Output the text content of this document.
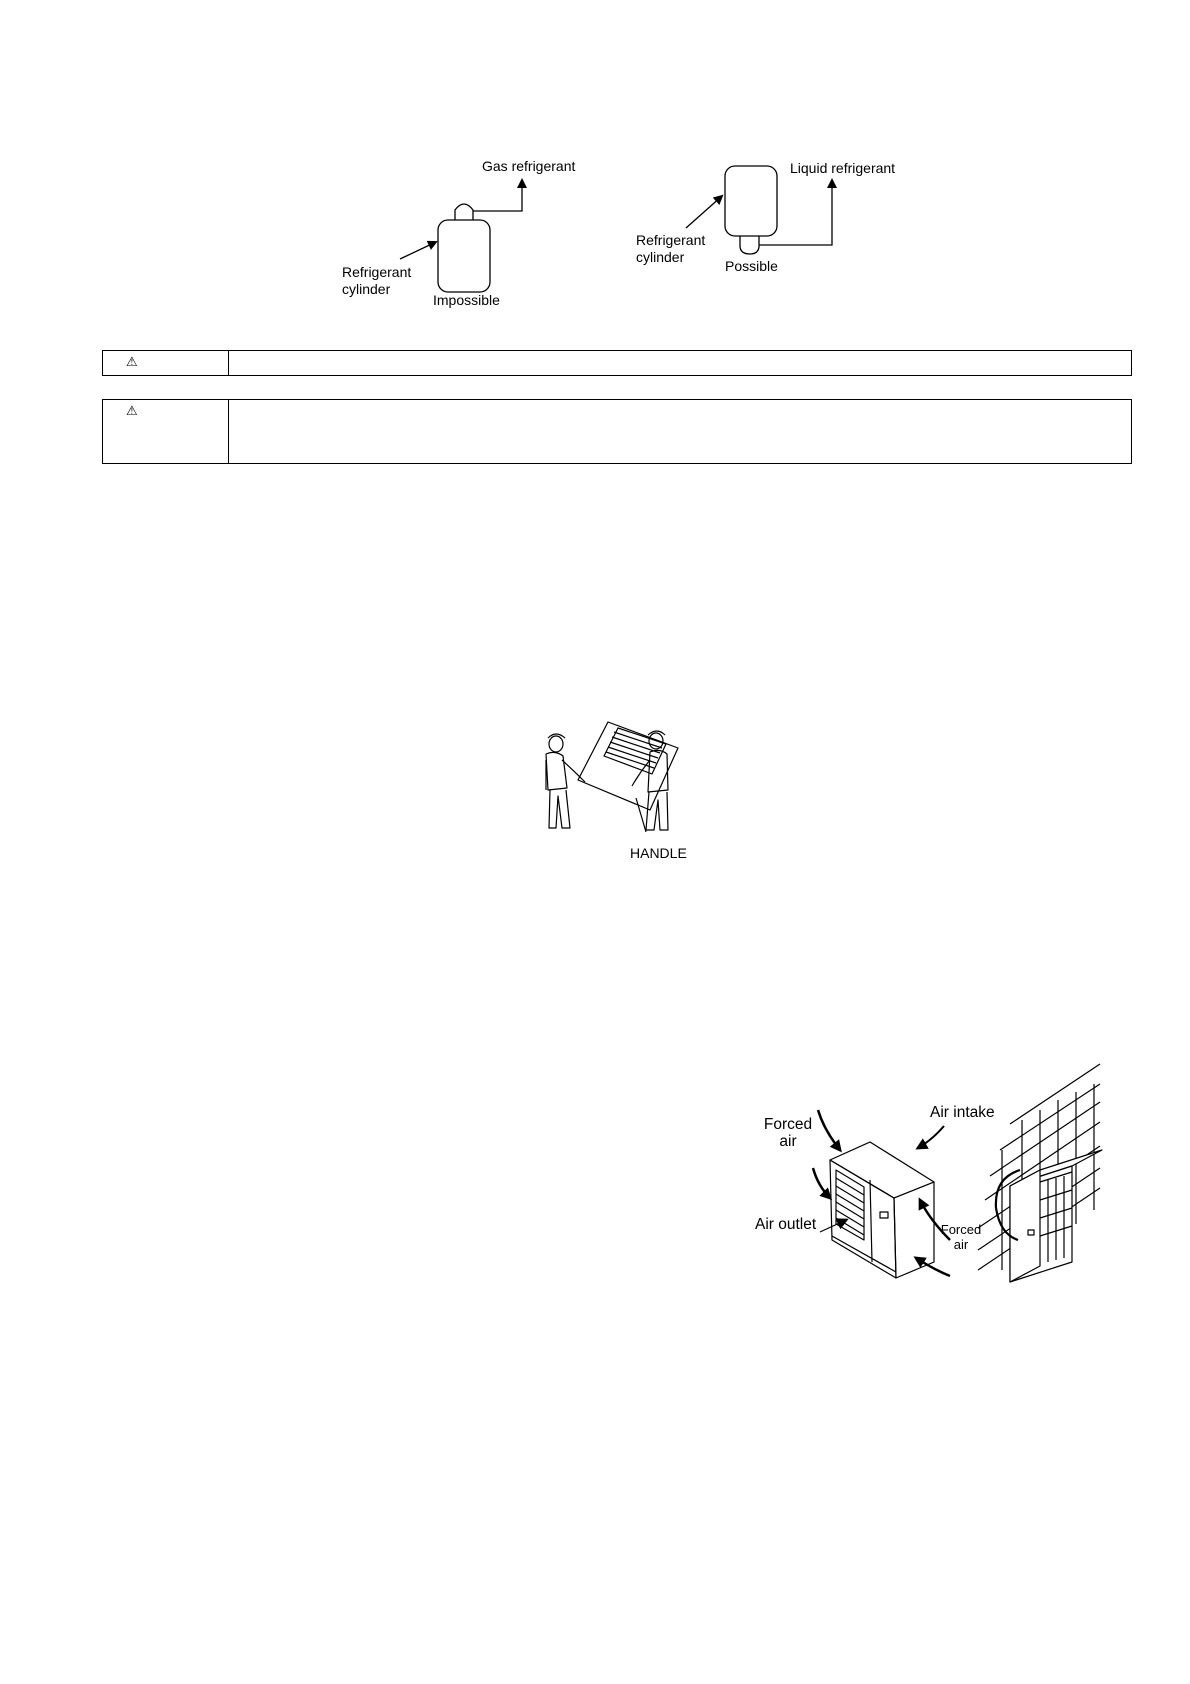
Gas refrigerant
Refrigerant
cylinder
Impossible
Liquid refrigerant
Refrigerant
cylinder
Possible
⚠
⚠
HANDLE
Forced
air
Air intake
Air outlet	Forced
air
